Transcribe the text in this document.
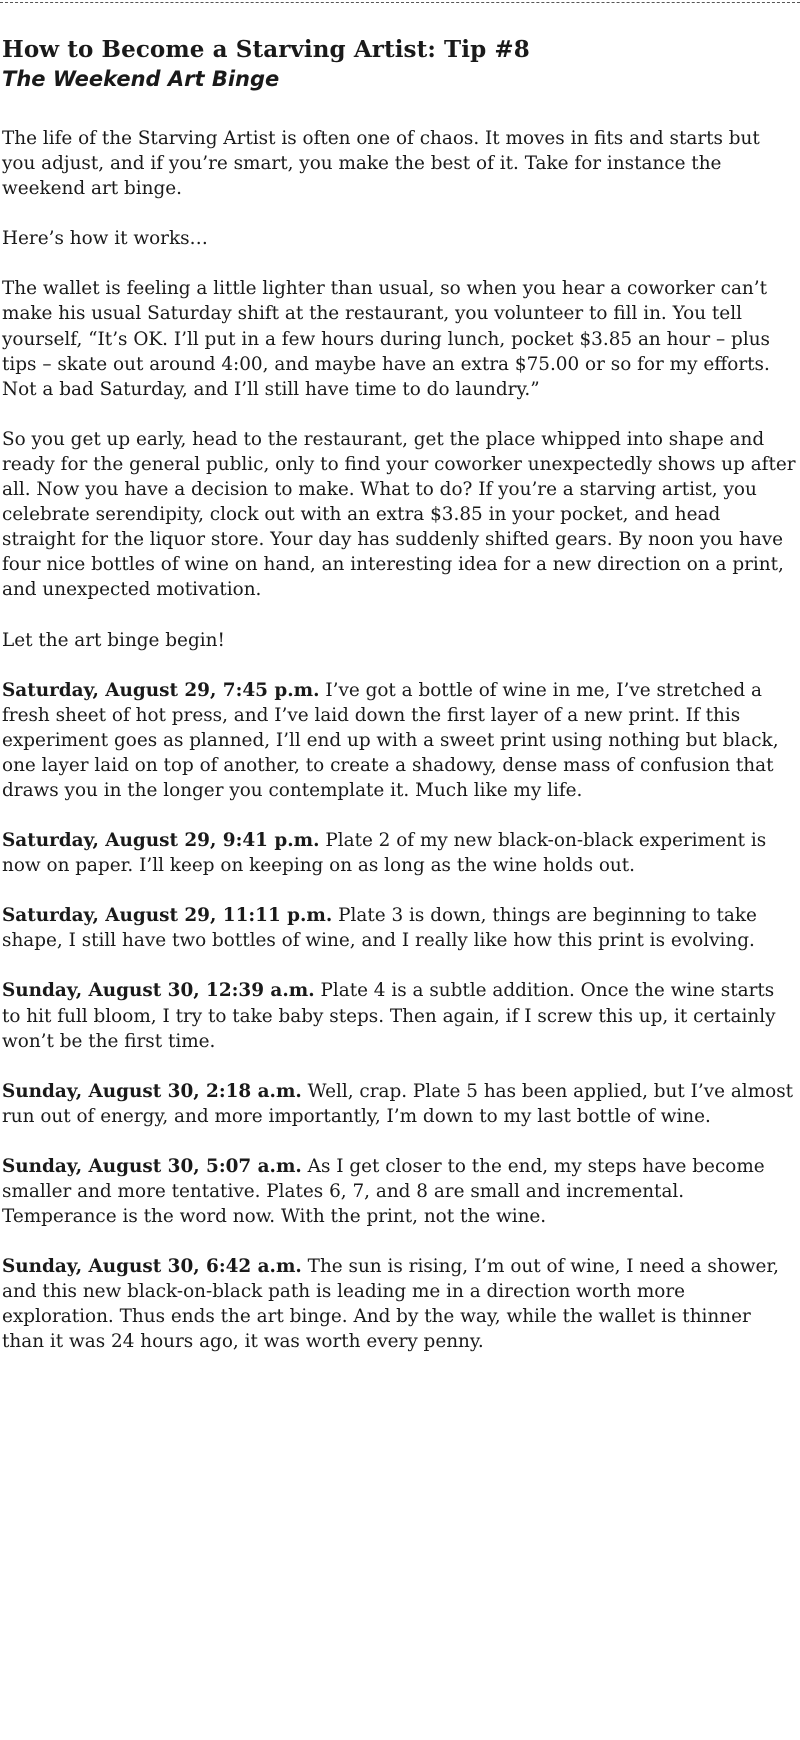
How to Become a Starving Artist: Tip #8
The Weekend Art Binge

The life of the Starving Artist is often one of chaos. It moves in fits and starts but you adjust, and if you’re smart, you make the best of it. Take for instance the weekend art binge.

Here’s how it works…

The wallet is feeling a little lighter than usual, so when you hear a coworker can’t make his usual Saturday shift at the restaurant, you volunteer to fill in. You tell yourself, “It’s OK. I’ll put in a few hours during lunch, pocket $3.85 an hour – plus tips – skate out around 4:00, and maybe have an extra $75.00 or so for my efforts. Not a bad Saturday, and I’ll still have time to do laundry.”

So you get up early, head to the restaurant, get the place whipped into shape and ready for the general public, only to find your coworker unexpectedly shows up after all. Now you have a decision to make. What to do? If you’re a starving artist, you celebrate serendipity, clock out with an extra $3.85 in your pocket, and head straight for the liquor store. Your day has suddenly shifted gears. By noon you have four nice bottles of wine on hand, an interesting idea for a new direction on a print, and unexpected motivation.

Let the art binge begin!

Saturday, August 29, 7:45 p.m. I’ve got a bottle of wine in me, I’ve stretched a fresh sheet of hot press, and I’ve laid down the first layer of a new print. If this experiment goes as planned, I’ll end up with a sweet print using nothing but black, one layer laid on top of another, to create a shadowy, dense mass of confusion that draws you in the longer you contemplate it. Much like my life.

Saturday, August 29, 9:41 p.m. Plate 2 of my new black-on-black experiment is now on paper. I’ll keep on keeping on as long as the wine holds out.

Saturday, August 29, 11:11 p.m. Plate 3 is down, things are beginning to take shape, I still have two bottles of wine, and I really like how this print is evolving.

Sunday, August 30, 12:39 a.m. Plate 4 is a subtle addition. Once the wine starts to hit full bloom, I try to take baby steps. Then again, if I screw this up, it certainly won’t be the first time.

Sunday, August 30, 2:18 a.m. Well, crap. Plate 5 has been applied, but I’ve almost run out of energy, and more importantly, I’m down to my last bottle of wine.

Sunday, August 30, 5:07 a.m. As I get closer to the end, my steps have become smaller and more tentative. Plates 6, 7, and 8 are small and incremental. Temperance is the word now. With the print, not the wine.

Sunday, August 30, 6:42 a.m. The sun is rising, I’m out of wine, I need a shower, and this new black-on-black path is leading me in a direction worth more exploration. Thus ends the art binge. And by the way, while the wallet is thinner than it was 24 hours ago, it was worth every penny.
